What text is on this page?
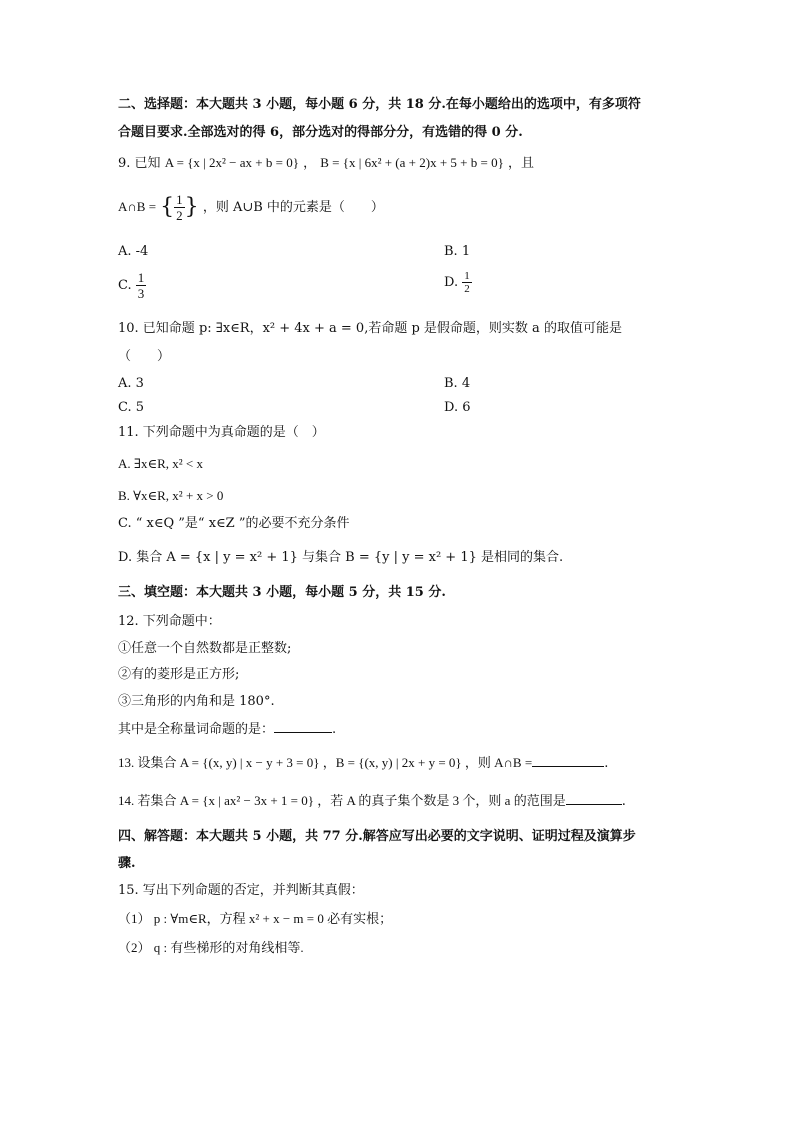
二、选择题：本大题共 3 小题，每小题 6 分，共 18 分.在每小题给出的选项中，有多项符
合题目要求.全部选对的得 6，部分选对的得部分分，有选错的得 0 分.
9. 已知 A = {x | 2x² − ax + b = 0} ， B = {x | 6x² + (a + 2)x + 5 + b = 0} ，且
A∩B = { $\frac{1}{2}$ } ，则 A∪B 中的元素是（　　）
A. -4	B. 1
C. $\frac{1}{3}$	D. $\frac{1}{2}$
10. 已知命题 p: ∃x∈R，x² + 4x + a = 0,若命题 p 是假命题，则实数 a 的取值可能是
（　　）
A. 3	B. 4
C. 5	D. 6
11. 下列命题中为真命题的是（　）
A. ∃x∈R, x² < x
B. ∀x∈R, x² + x > 0
C. “ x∈Q ”是“ x∈Z ”的必要不充分条件
D. 集合 A = {x | y = x² + 1} 与集合 B = {y | y = x² + 1} 是相同的集合.
三、填空题：本大题共 3 小题，每小题 5 分，共 15 分.
12. 下列命题中：
①任意一个自然数都是正整数;
②有的菱形是正方形;
③三角形的内角和是 180°.
其中是全称量词命题的是：	.
13. 设集合 A = {(x, y) | x − y + 3 = 0} ，B = {(x, y) | 2x + y = 0} ，则 A∩B =	.
14. 若集合 A = {x | ax² − 3x + 1 = 0} ，若 A 的真子集个数是 3 个，则 a 的范围是	.
四、解答题：本大题共 5 小题，共 77 分.解答应写出必要的文字说明、证明过程及演算步
骤.
15. 写出下列命题的否定，并判断其真假：
（1） p : ∀m∈R，方程 x² + x − m = 0 必有实根；
（2） q : 有些梯形的对角线相等.
